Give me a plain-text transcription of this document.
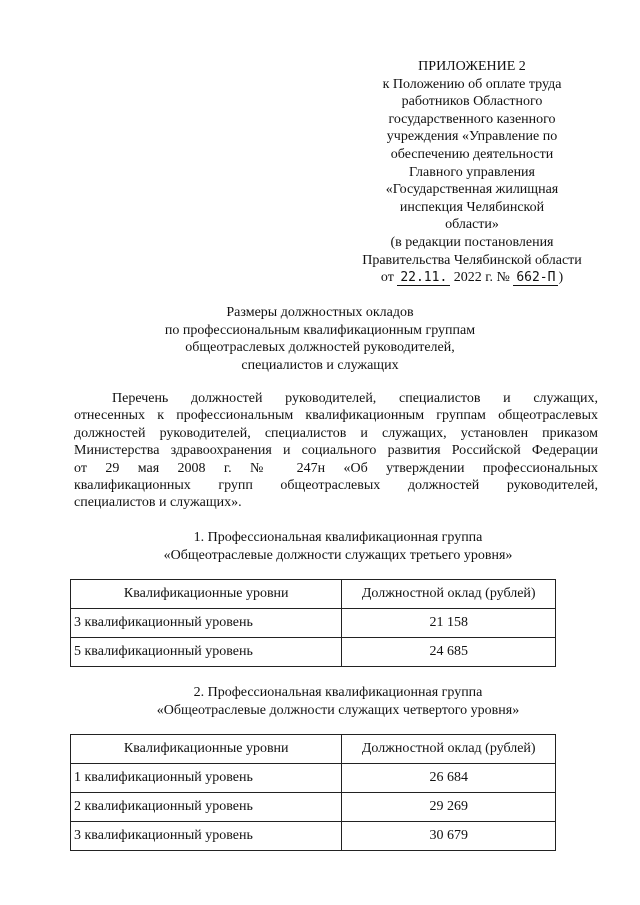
ПРИЛОЖЕНИЕ 2
к Положению об оплате труда
работников Областного
государственного казенного
учреждения «Управление по
обеспечению деятельности
Главного управления
«Государственная жилищная
инспекция Челябинской
области»
(в редакции постановления
Правительства Челябинской области
от 22.11. 2022 г. № 662-П )
Размеры должностных окладов
по профессиональным квалификационным группам
общеотраслевых должностей руководителей,
специалистов и служащих
Перечень должностей руководителей, специалистов и служащих,
отнесенных к профессиональным квалификационным группам общеотраслевых
должностей руководителей, специалистов и служащих, установлен приказом
Министерства здравоохранения и социального развития Российской Федерации
от 29 мая 2008 г. № 247н «Об утверждении профессиональных
квалификационных групп общеотраслевых должностей руководителей,
специалистов и служащих».
1. Профессиональная квалификационная группа
«Общеотраслевые должности служащих третьего уровня»
Квалификационные уровни	Должностной оклад (рублей)
3 квалификационный уровень	21 158
5 квалификационный уровень	24 685
2. Профессиональная квалификационная группа
«Общеотраслевые должности служащих четвертого уровня»
Квалификационные уровни	Должностной оклад (рублей)
1 квалификационный уровень	26 684
2 квалификационный уровень	29 269
3 квалификационный уровень	30 679
